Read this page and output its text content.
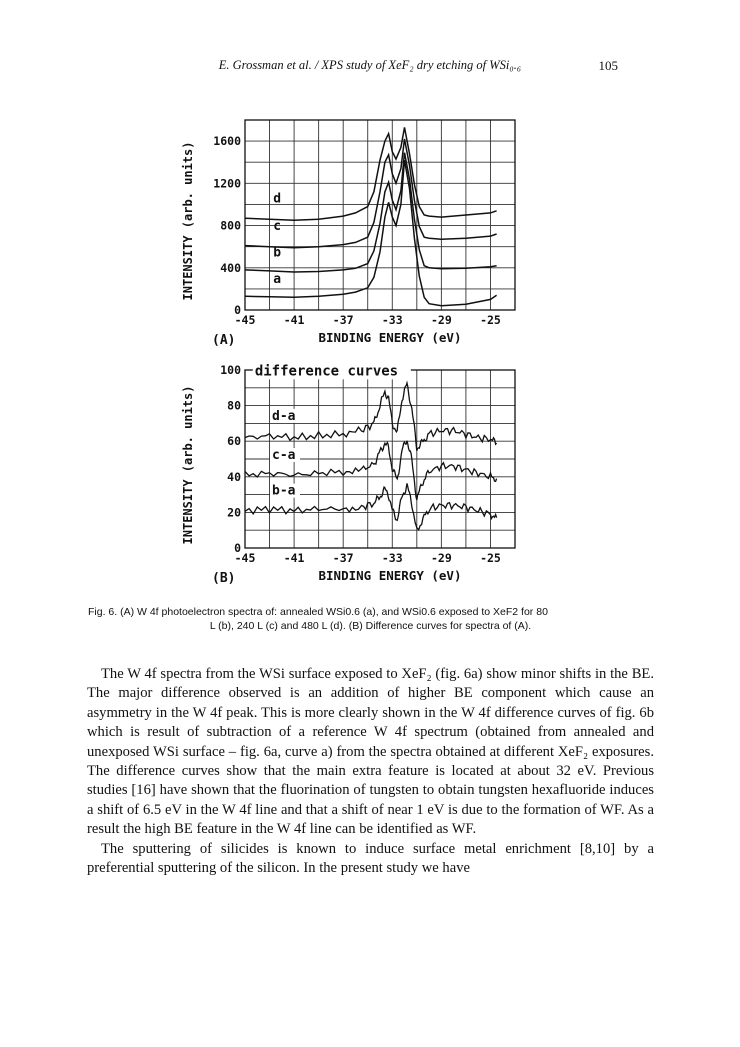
E. Grossman et al. / XPS study of XeF₂ dry etching of WSi₀.₆	105
-45 -41 -37 -33 -29 -25
0
400
800
1200
1600
BINDING ENERGY (eV)
INTENSITY (arb. units)
(A)
a
b
c
d
-45 -41 -37 -33 -29 -25
0
20
40
60
80
100
BINDING ENERGY (eV)
INTENSITY (arb. units)
(B)
difference curves
d-a
c-a
b-a
Fig. 6. (A) W 4f photoelectron spectra of: annealed WSi0.6 (a), and WSi0.6 exposed to XeF2 for 80

L (b), 240 L (c) and 480 L (d). (B) Difference curves for spectra of (A).

The W 4f spectra from the WSi surface exposed to XeF₂ (fig. 6a) show minor shifts in the BE. The major difference observed is an addition of higher BE component which cause an asymmetry in the W 4f peak. This is more clearly shown in the W 4f difference curves of fig. 6b which is result of subtraction of a reference W 4f spectrum (obtained from annealed and unexposed WSi surface – fig. 6a, curve a) from the spectra obtained at different XeF₂ exposures. The difference curves show that the main extra feature is located at about 32 eV. Previous studies [16] have shown that the fluorination of tungsten to obtain tungsten hexafluoride induces a shift of 6.5 eV in the W 4f line and that a shift of near 1 eV is due to the formation of WF. As a result the high BE feature in the W 4f line can be identified as WF.

The sputtering of silicides is known to induce surface metal enrichment [8,10] by a preferential sputtering of the silicon. In the present study we have
